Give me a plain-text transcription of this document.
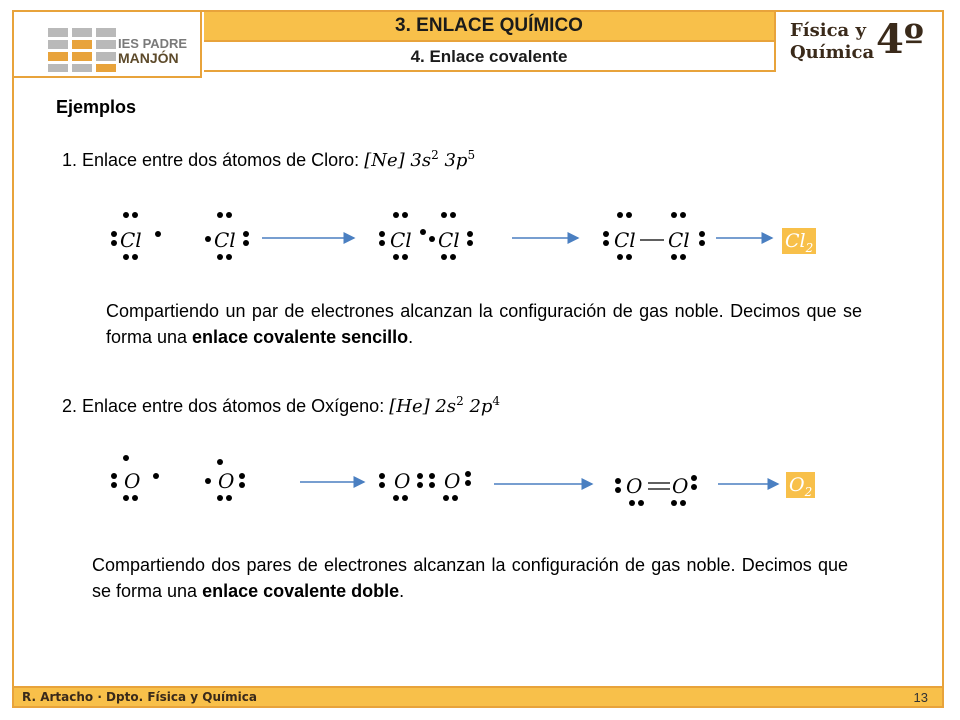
IES PADRE
MANJÓN
3. ENLACE QUÍMICO
4. Enlace covalente
Física y
Química 4º
Ejemplos
1. Enlace entre dos átomos de Cloro: [Ne] $3s^2$ $3p^5$
Compartiendo un par de electrones alcanzan la configuración de gas noble. Decimos que se forma una enlace covalente sencillo.
2. Enlace entre dos átomos de Oxígeno: [He] $2s^2$ $2p^4$
Compartiendo dos pares de electrones alcanzan la configuración de gas noble. Decimos que se forma una enlace covalente doble.
$Cl_2$
$O_2$
Cl	Cl	Cl Cl	Cl Cl
O	O	O O	O O
R. Artacho · Dpto. Física y Química	13
